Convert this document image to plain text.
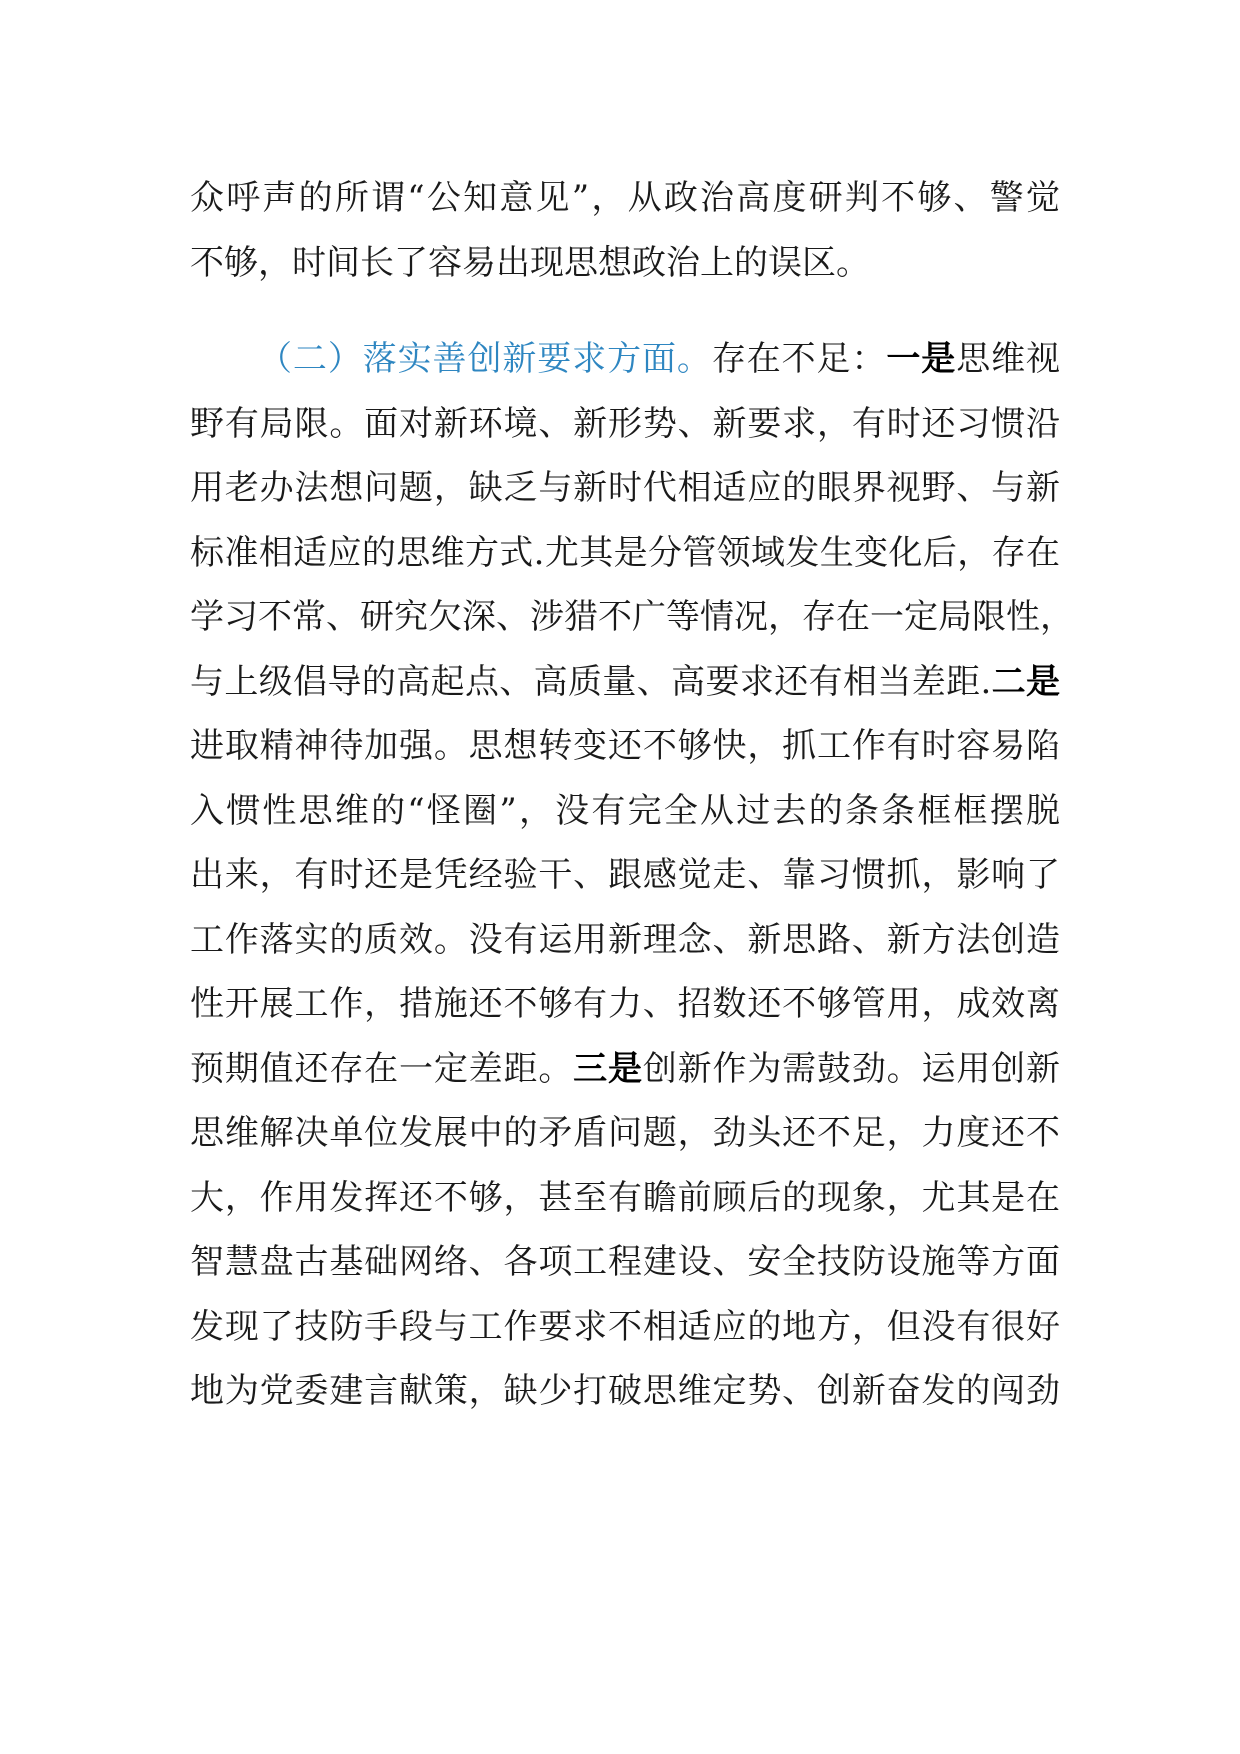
众呼声的所谓“公知意见”，从政治高度研判不够、警觉
不够，时间长了容易出现思想政治上的误区。
（二）落实善创新要求方面。存在不足：一是思维视
野有局限。面对新环境、新形势、新要求，有时还习惯沿
用老办法想问题，缺乏与新时代相适应的眼界视野、与新
标准相适应的思维方式.尤其是分管领域发生变化后，存在
学习不常、研究欠深、涉猎不广等情况，存在一定局限性，
与上级倡导的高起点、高质量、高要求还有相当差距.二是
进取精神待加强。思想转变还不够快，抓工作有时容易陷
入惯性思维的“怪圈”，没有完全从过去的条条框框摆脱
出来，有时还是凭经验干、跟感觉走、靠习惯抓，影响了
工作落实的质效。没有运用新理念、新思路、新方法创造
性开展工作，措施还不够有力、招数还不够管用，成效离
预期值还存在一定差距。三是创新作为需鼓劲。运用创新
思维解决单位发展中的矛盾问题，劲头还不足，力度还不
大，作用发挥还不够，甚至有瞻前顾后的现象，尤其是在
智慧盘古基础网络、各项工程建设、安全技防设施等方面
发现了技防手段与工作要求不相适应的地方，但没有很好
地为党委建言献策，缺少打破思维定势、创新奋发的闯劲
